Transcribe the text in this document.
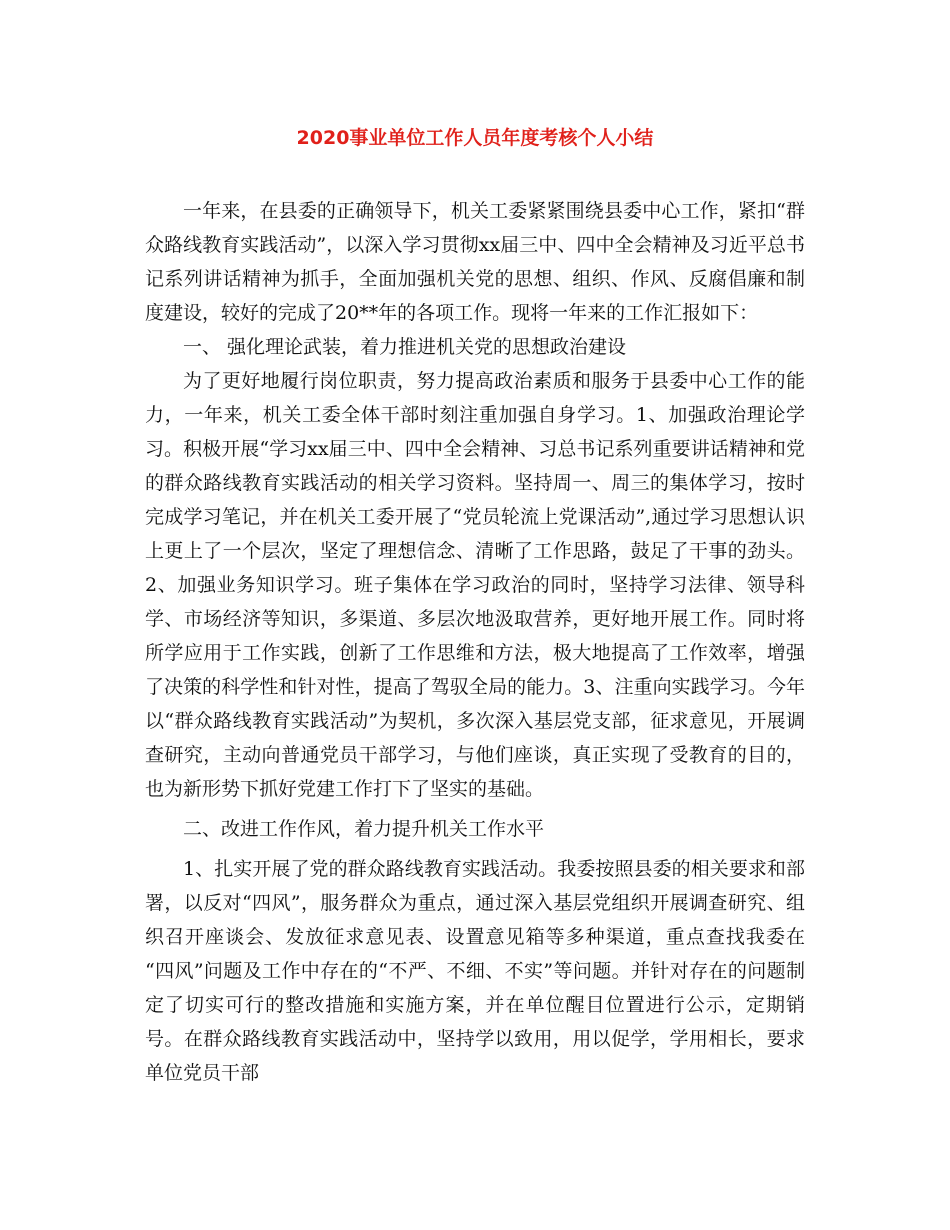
2020事业单位工作人员年度考核个人小结

一年来，在县委的正确领导下，机关工委紧紧围绕县委中心工作，紧扣“群众路线教育实践活动”，以深入学习贯彻xx届三中、四中全会精神及习近平总书记系列讲话精神为抓手，全面加强机关党的思想、组织、作风、反腐倡廉和制度建设，较好的完成了20**年的各项工作。现将一年来的工作汇报如下：

一、 强化理论武装，着力推进机关党的思想政治建设

为了更好地履行岗位职责，努力提高政治素质和服务于县委中心工作的能力，一年来，机关工委全体干部时刻注重加强自身学习。1、加强政治理论学习。积极开展“学习xx届三中、四中全会精神、习总书记系列重要讲话精神和党的群众路线教育实践活动的相关学习资料。坚持周一、周三的集体学习，按时完成学习笔记，并在机关工委开展了“党员轮流上党课活动”,通过学习思想认识上更上了一个层次，坚定了理想信念、清晰了工作思路，鼓足了干事的劲头。2、加强业务知识学习。班子集体在学习政治的同时，坚持学习法律、领导科学、市场经济等知识，多渠道、多层次地汲取营养，更好地开展工作。同时将所学应用于工作实践，创新了工作思维和方法，极大地提高了工作效率，增强了决策的科学性和针对性，提高了驾驭全局的能力。3、注重向实践学习。今年以“群众路线教育实践活动”为契机，多次深入基层党支部，征求意见，开展调查研究，主动向普通党员干部学习，与他们座谈，真正实现了受教育的目的，也为新形势下抓好党建工作打下了坚实的基础。

二、改进工作作风，着力提升机关工作水平

1、扎实开展了党的群众路线教育实践活动。我委按照县委的相关要求和部署，以反对“四风”，服务群众为重点，通过深入基层党组织开展调查研究、组织召开座谈会、发放征求意见表、设置意见箱等多种渠道，重点查找我委在 “四风”问题及工作中存在的“不严、不细、不实”等问题。并针对存在的问题制定了切实可行的整改措施和实施方案，并在单位醒目位置进行公示，定期销号。在群众路线教育实践活动中，坚持学以致用，用以促学，学用相长，要求单位党员干部
